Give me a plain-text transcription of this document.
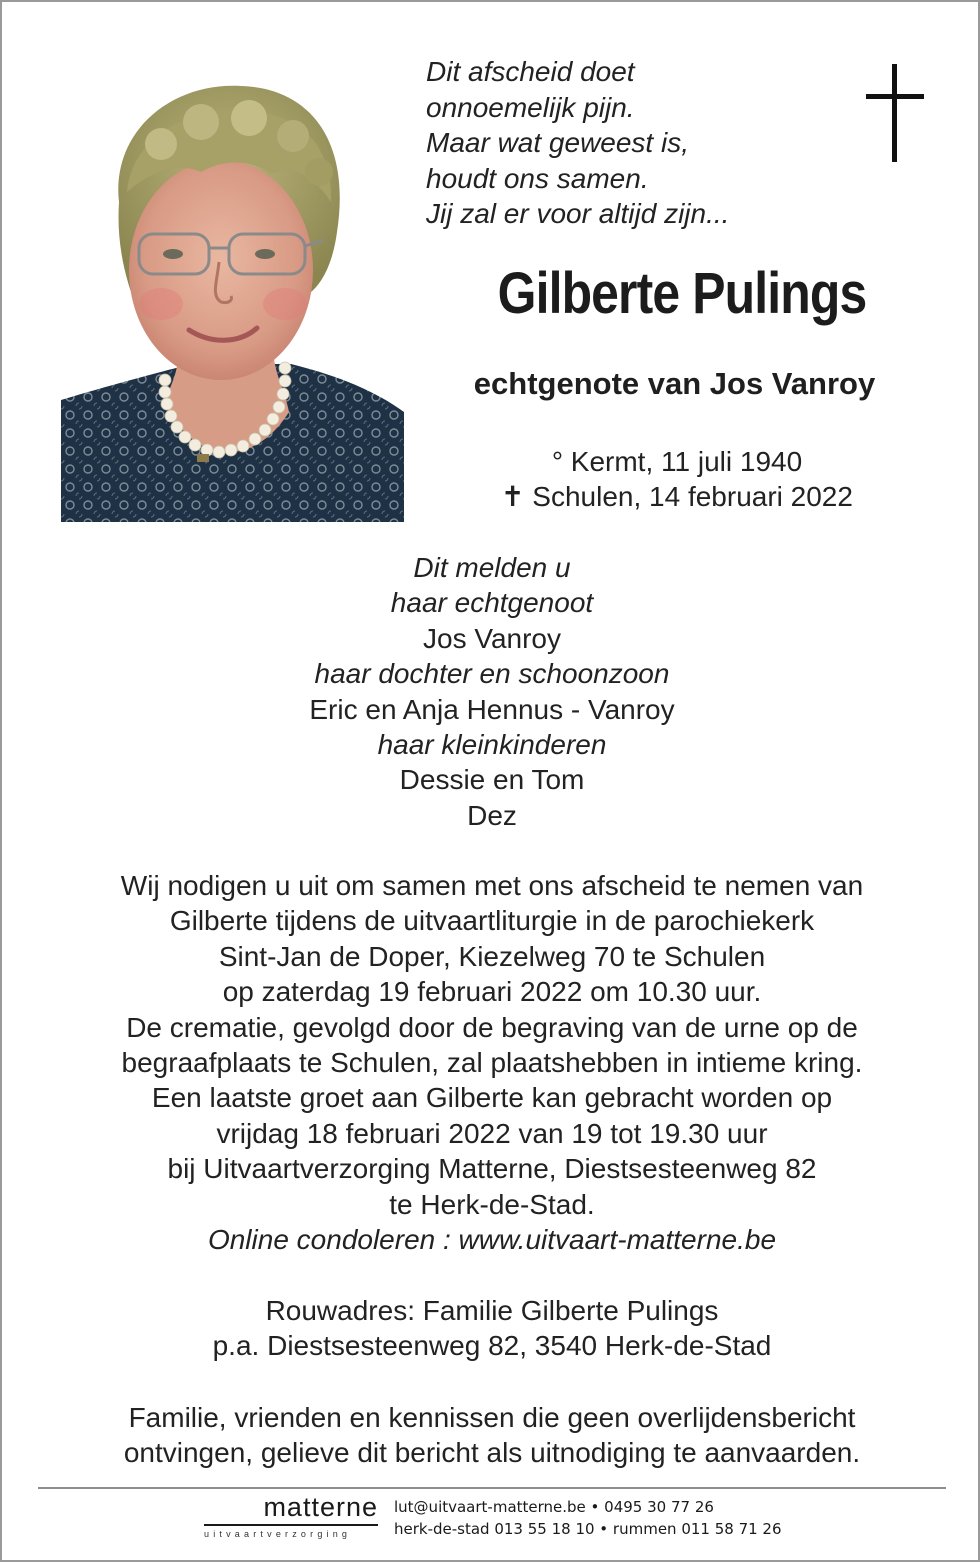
Dit afscheid doet
onnoemelijk pijn.
Maar wat geweest is,
houdt ons samen.
Jij zal er voor altijd zijn...
Gilberte Pulings
echtgenote van Jos Vanroy
° Kermt, 11 juli 1940
✝ Schulen, 14 februari 2022
Dit melden u
haar echtgenoot
Jos Vanroy
haar dochter en schoonzoon
Eric en Anja Hennus - Vanroy
haar kleinkinderen
Dessie en Tom
Dez
Wij nodigen u uit om samen met ons afscheid te nemen van
Gilberte tijdens de uitvaartliturgie in de parochiekerk
Sint-Jan de Doper, Kiezelweg 70 te Schulen
op zaterdag 19 februari 2022 om 10.30 uur.
De crematie, gevolgd door de begraving van de urne op de
begraafplaats te Schulen, zal plaatshebben in intieme kring.
Een laatste groet aan Gilberte kan gebracht worden op
vrijdag 18 februari 2022 van 19 tot 19.30 uur
bij Uitvaartverzorging Matterne, Diestsesteenweg 82
te Herk-de-Stad.
Online condoleren : www.uitvaart-matterne.be
Rouwadres: Familie Gilberte Pulings
p.a. Diestsesteenweg 82, 3540 Herk-de-Stad
Familie, vrienden en kennissen die geen overlijdensbericht
ontvingen, gelieve dit bericht als uitnodiging te aanvaarden.
matterne
uitvaartverzorging
lut@uitvaart-matterne.be • 0495 30 77 26
herk-de-stad 013 55 18 10 • rummen 011 58 71 26
